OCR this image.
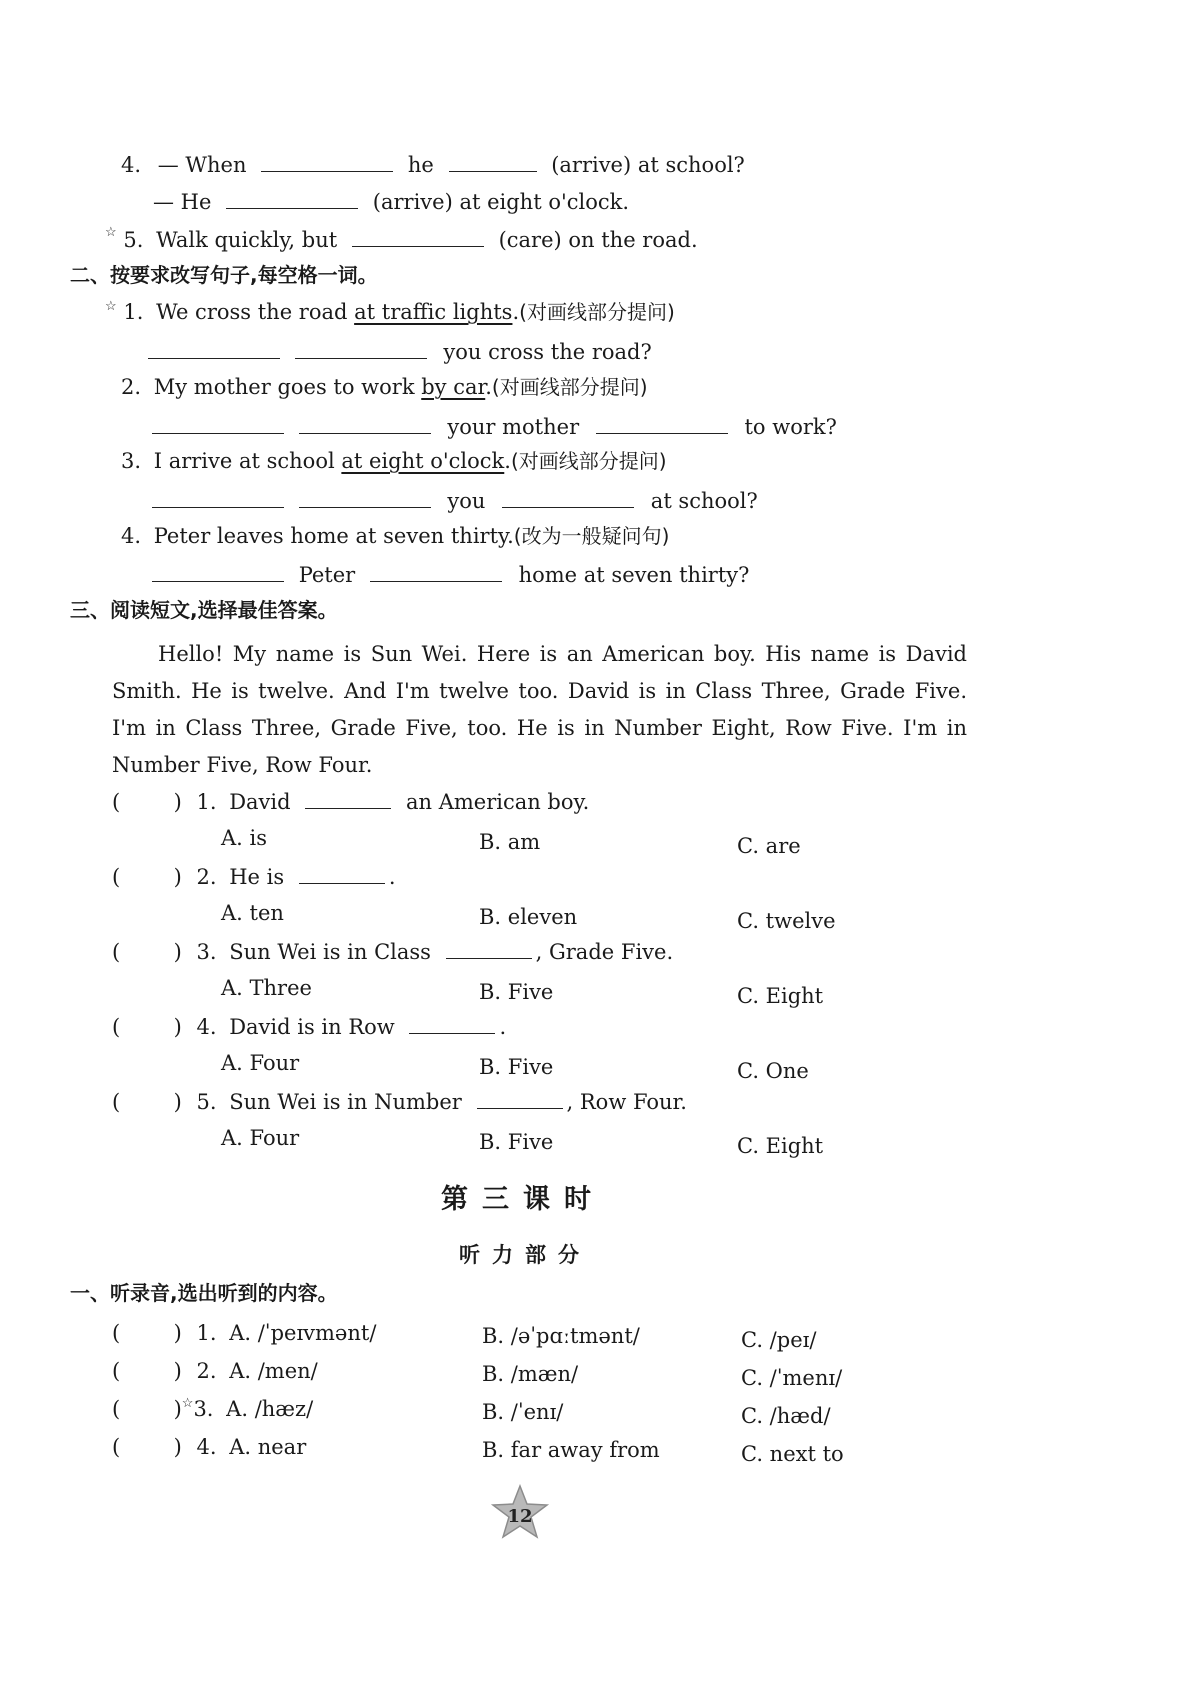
4. — When	he	(arrive) at school?
— He	(arrive) at eight o'clock.
☆ 5. Walk quickly, but	(care) on the road.
二、按要求改写句子,每空格一词。
☆ 1. We cross the road at traffic lights.(对画线部分提问)
you cross the road?
2. My mother goes to work by car.(对画线部分提问)
your mother	to work?
3. I arrive at school at eight o'clock.(对画线部分提问)
you	at school?
4. Peter leaves home at seven thirty.(改为一般疑问句)
Peter	home at seven thirty?
三、阅读短文,选择最佳答案。
Hello! My name is Sun Wei. Here is an American boy. His name is David Smith. He is twelve. And I'm twelve too. David is in Class Three, Grade Five. I'm in Class Three, Grade Five, too. He is in Number Eight, Row Five. I'm in Number Five, Row Four.
(	) 1. David	an American boy.
A. is	B. am	C. are
(	) 2. He is	.
A. ten	B. eleven	C. twelve
(	) 3. Sun Wei is in Class	, Grade Five.
A. Three	B. Five	C. Eight
(	) 4. David is in Row	.
A. Four	B. Five	C. One
(	) 5. Sun Wei is in Number	, Row Four.
A. Four	B. Five	C. Eight
第三课时
听力部分
一、听录音,选出听到的内容。
(	) 1. A. /ˈpeɪvmənt/	B. /əˈpɑːtmənt/	C. /peɪ/
(	) 2. A. /men/	B. /mæn/	C. /ˈmenɪ/
(	)☆3. A. /hæz/	B. /ˈenɪ/	C. /hæd/
(	) 4. A. near	B. far away from	C. next to
12
